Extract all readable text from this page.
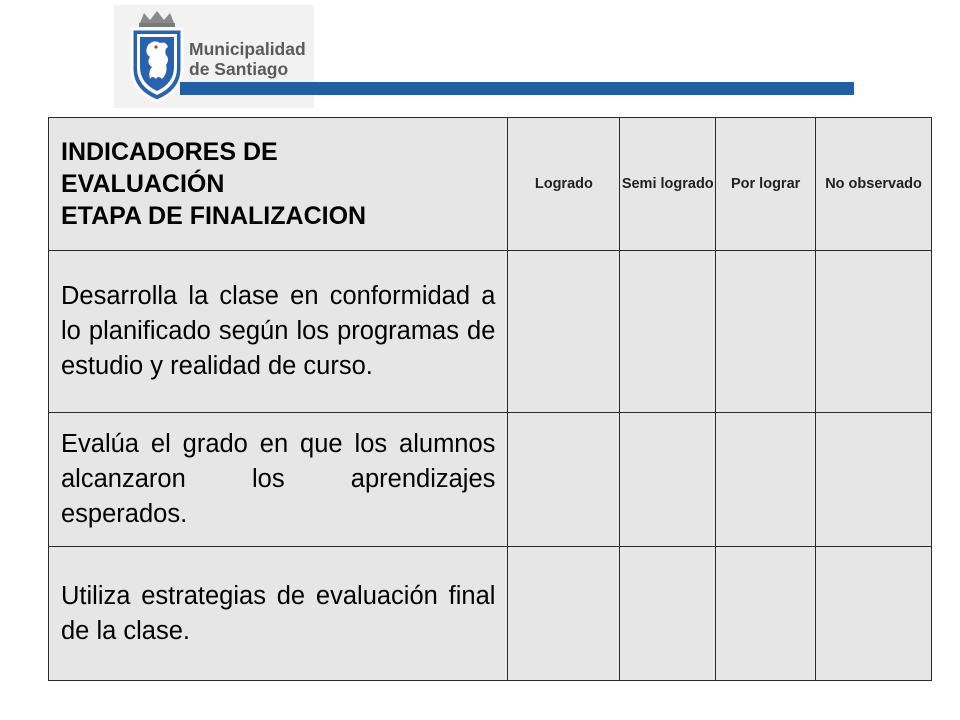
Municipalidad
de Santiago
INDICADORES DE
EVALUACIÓN
ETAPA DE FINALIZACION	Logrado	Semi logrado	Por lograr	No observado
Desarrolla la clase en conformidad a lo planificado según los programas de estudio y realidad de curso.				
Evalúa el grado en que los alumnos alcanzaron los aprendizajes esperados.				
Utiliza estrategias de evaluación final de la clase.				
